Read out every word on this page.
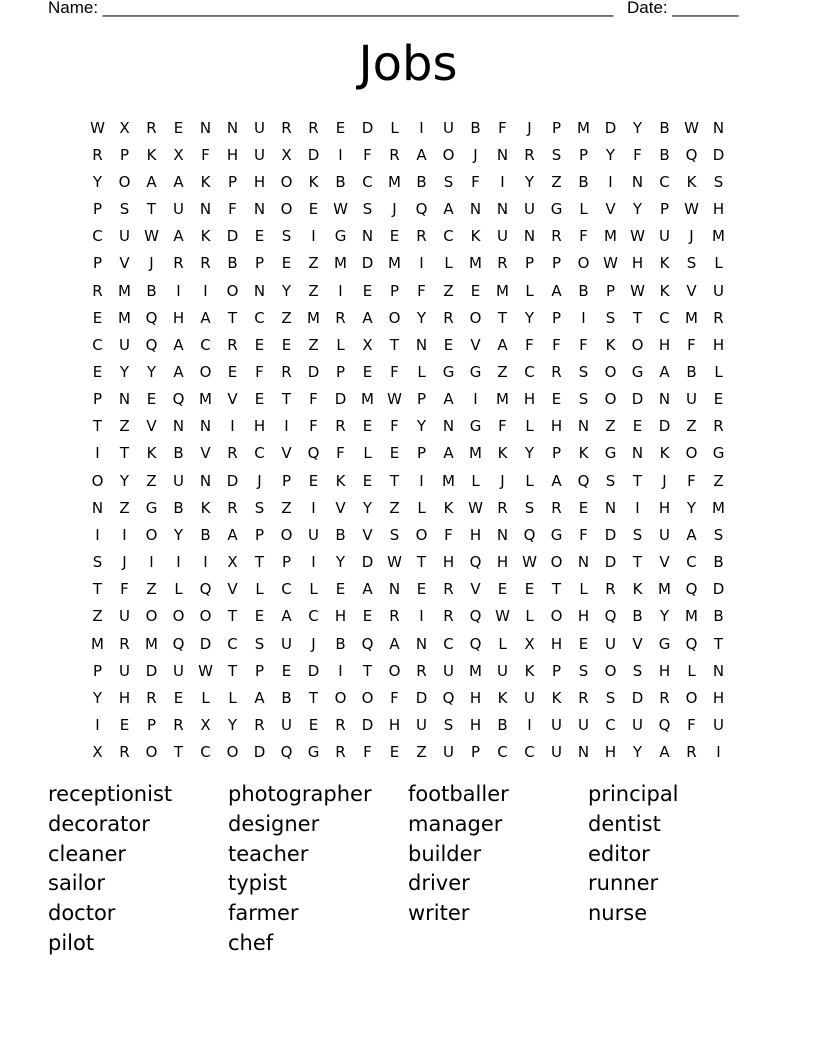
Name: ______________________________________________________ Date: _______
Jobs
W X	R	E	N	N	U	R	R	E	D	L	I	U	B	F	J	P	M D	Y	B W N
R	P	K	X	F	H	U	X	D	I	F	R	A	O	J	N	R	S	P	Y	F	B	Q	D
Y	O	A	A	K	P	H	O	K	B	C	M	B	S	F	I	Y	Z	B	I	N	C	K	S
P	S	T	U	N	F	N	O	E W S	J	Q	A	N	N	U	G	L	V	Y	P	W H
C	U W A	K	D	E	S	I	G	N	E	R	C	K	U	N	R	F	M W U	J	M
P	V	J	R	R	B	P	E	Z	M D M	I	L	M	R	P	P	O W H	K	S	L
R	M	B	I	I	O	N	Y	Z	I	E	P	F	Z	E	M	L	A	B	P	W K	V	U
E	M Q	H	A	T	C	Z	M	R	A	O	Y	R	O	T	Y	P	I	S	T	C	M	R
C	U	Q	A	C	R	E	E	Z	L	X	T	N	E	V	A	F	F	F	K	O	H	F	H
E	Y	Y	A	O	E	F	R	D	P	E	F	L	G	G	Z	C	R	S	O	G	A	B	L
P	N	E	Q M	V	E	T	F	D M W	P	A	I	M H	E	S	O	D	N	U	E
T	Z	V	N	N	I	H	I	F	R	E	F	Y	N	G	F	L	H	N	Z	E	D	Z	R
I	T	K	B	V	R	C	V	Q	F	L	E	P	A	M	K	Y	P	K	G	N	K	O	G
O	Y	Z	U	N	D	J	P	E	K	E	T	I	M	L	J	L	A	Q	S	T	J	F	Z
N	Z	G	B	K	R	S	Z	I	V	Y	Z	L	K W R	S	R	E	N	I	H	Y	M
I	I	O	Y	B	A	P	O	U	B	V	S	O	F	H	N	Q	G	F	D	S	U	A	S
S	J	I	I	I	X	T	P	I	Y	D W T	H	Q	H W O	N	D	T	V	C	B
T	F	Z	L	Q	V	L	C	L	E	A	N	E	R	V	E	E	T	L	R	K	M Q	D
Z	U	O	O	O	T	E	A	C	H	E	R	I	R	Q W	L	O	H	Q	B	Y	M	B
M	R	M Q	D	C	S	U	J	B	Q	A	N	C	Q	L	X	H	E	U	V	G	Q	T
P	U	D	U W T	P	E	D	I	T	O	R	U	M	U	K	P	S	O	S	H	L	N
Y	H	R	E	L	L	A	B	T	O	O	F	D	Q	H	K	U	K	R	S	D	R	O	H
I	E	P	R	X	Y	R	U	E	R	D	H	U	S	H	B	I	U	U	C	U	Q	F	U
X	R	O	T	C	O	D	Q	G	R	F	E	Z	U	P	C	C	U	N	H	Y	A	R	I
receptionist
decorator
cleaner
sailor
doctor
pilot
photographer
designer
teacher
typist
farmer
chef
footballer
manager
builder
driver
writer
principal
dentist
editor
runner
nurse
